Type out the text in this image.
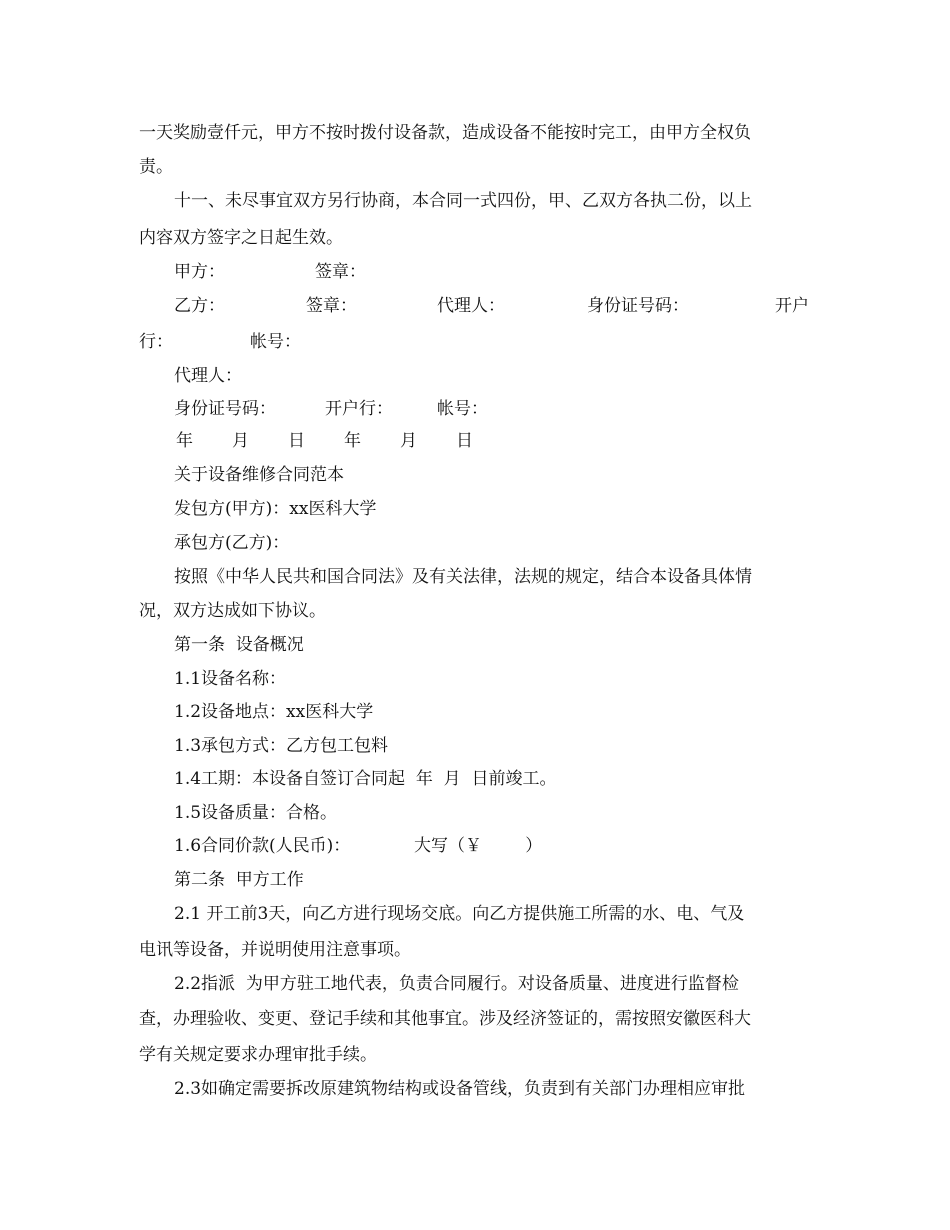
一天奖励壹仟元，甲方不按时拨付设备款，造成设备不能按时完工，由甲方全权负
责。
十一、未尽事宜双方另行协商，本合同一式四份，甲、乙双方各执二份，以上
内容双方签字之日起生效。
甲方：	签章：
乙方：	签章：	代理人：	身份证号码：	开户
行：	帐号：
代理人：
身份证号码：	开户行：	帐号：
年 月 日 年 月 日
关于设备维修合同范本
发包方(甲方)：xx医科大学
承包方(乙方)：
按照《中华人民共和国合同法》及有关法律，法规的规定，结合本设备具体情
况，双方达成如下协议。
第一条  设备概况
1.1设备名称：
1.2设备地点：xx医科大学
1.3承包方式：乙方包工包料
1.4工期：本设备自签订合同起  年  月  日前竣工。
1.5设备质量：合格。
1.6合同价款(人民币)：	大写（￥        ）
第二条  甲方工作
2.1 开工前3天，向乙方进行现场交底。向乙方提供施工所需的水、电、气及
电讯等设备，并说明使用注意事项。
2.2指派  为甲方驻工地代表，负责合同履行。对设备质量、进度进行监督检
查，办理验收、变更、登记手续和其他事宜。涉及经济签证的，需按照安徽医科大
学有关规定要求办理审批手续。
2.3如确定需要拆改原建筑物结构或设备管线，负责到有关部门办理相应审批
